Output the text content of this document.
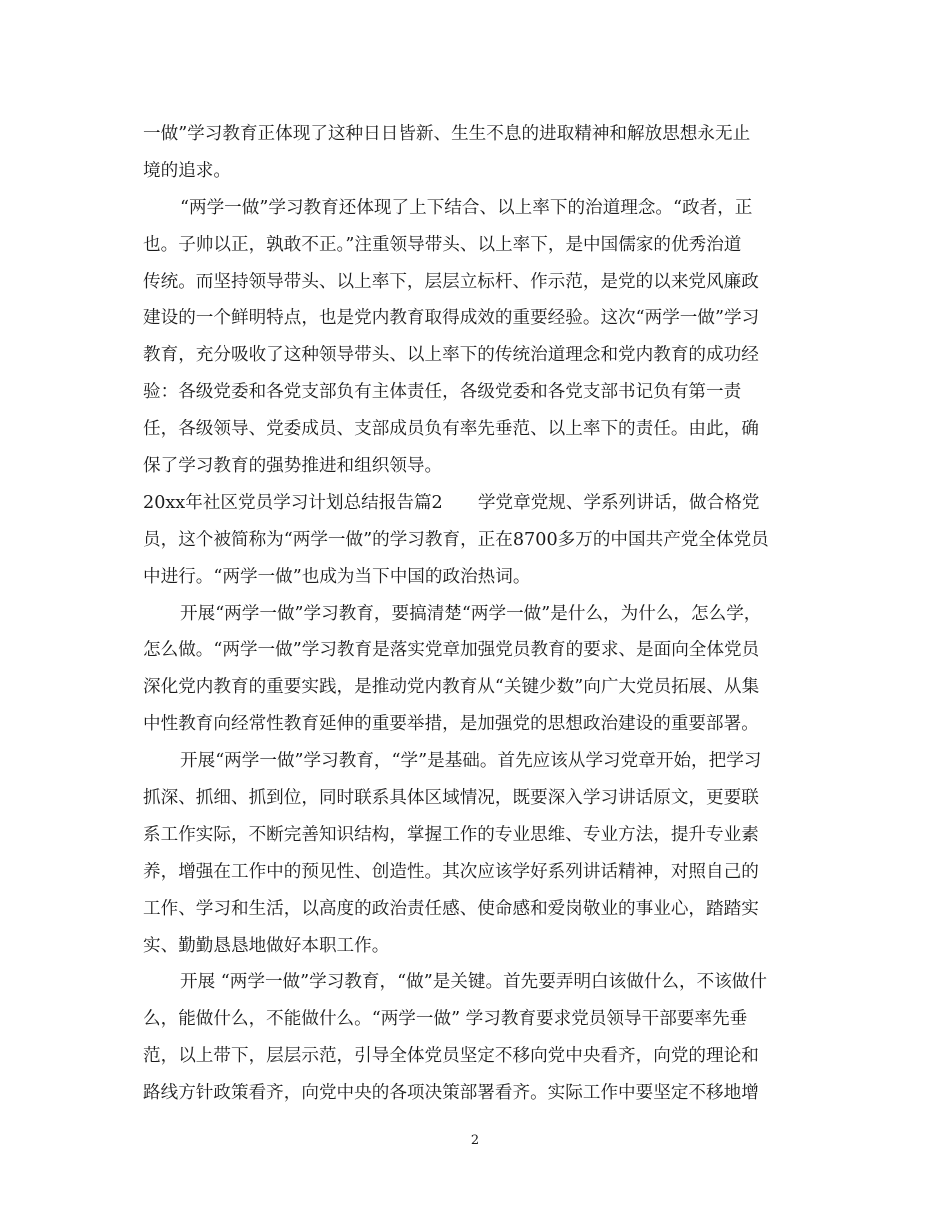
一做”学习教育正体现了这种日日皆新、生生不息的进取精神和解放思想永无止
境的追求。
“两学一做”学习教育还体现了上下结合、以上率下的治道理念。“政者，正
也。子帅以正，孰敢不正。”注重领导带头、以上率下，是中国儒家的优秀治道
传统。而坚持领导带头、以上率下，层层立标杆、作示范，是党的以来党风廉政
建设的一个鲜明特点，也是党内教育取得成效的重要经验。这次“两学一做”学习
教育，充分吸收了这种领导带头、以上率下的传统治道理念和党内教育的成功经
验：各级党委和各党支部负有主体责任，各级党委和各党支部书记负有第一责
任，各级领导、党委成员、支部成员负有率先垂范、以上率下的责任。由此，确
保了学习教育的强势推进和组织领导。
20xx年社区党员学习计划总结报告篇2　　学党章党规、学系列讲话，做合格党
员，这个被简称为“两学一做”的学习教育，正在8700多万的中国共产党全体党员
中进行。“两学一做”也成为当下中国的政治热词。
开展“两学一做”学习教育，要搞清楚“两学一做”是什么，为什么，怎么学，
怎么做。“两学一做”学习教育是落实党章加强党员教育的要求、是面向全体党员
深化党内教育的重要实践，是推动党内教育从“关键少数”向广大党员拓展、从集
中性教育向经常性教育延伸的重要举措，是加强党的思想政治建设的重要部署。
开展“两学一做”学习教育，“学”是基础。首先应该从学习党章开始，把学习
抓深、抓细、抓到位，同时联系具体区域情况，既要深入学习讲话原文，更要联
系工作实际，不断完善知识结构，掌握工作的专业思维、专业方法，提升专业素
养，增强在工作中的预见性、创造性。其次应该学好系列讲话精神，对照自己的
工作、学习和生活，以高度的政治责任感、使命感和爱岗敬业的事业心，踏踏实
实、勤勤恳恳地做好本职工作。
开展 “两学一做”学习教育，“做”是关键。首先要弄明白该做什么，不该做什
么，能做什么，不能做什么。“两学一做” 学习教育要求党员领导干部要率先垂
范，以上带下，层层示范，引导全体党员坚定不移向党中央看齐，向党的理论和
路线方针政策看齐，向党中央的各项决策部署看齐。实际工作中要坚定不移地增
2
